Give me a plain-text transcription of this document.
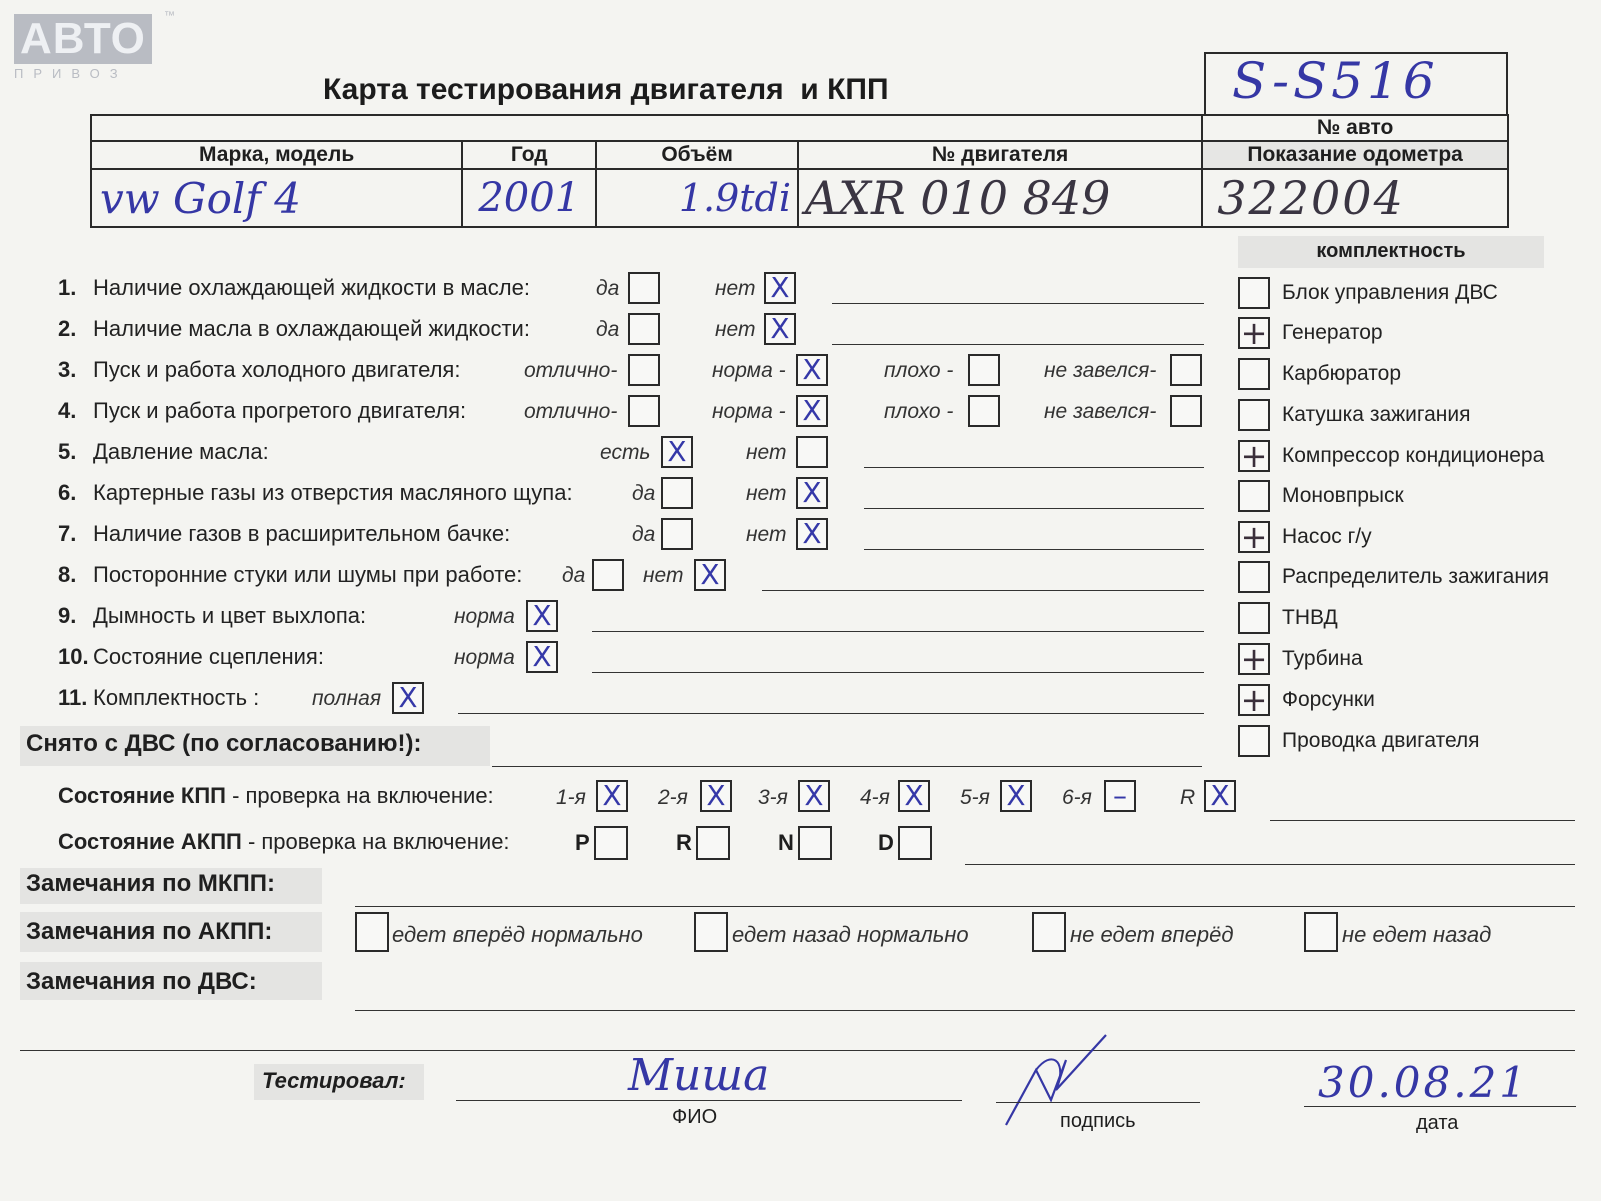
АВТО
ПРИВОЗ
™
Карта тестирования двигателя  и КПП	S-S516

				№ авто

Марка, модель	Год	Объём	№ двигателя	Показание одометра

vw Golf 4	2001	1.9tdi	AXR 010 849	322004
комплектность
Блок управления ДВС
+ Генератор
Карбюратор
Катушка зажигания
+ Компрессор кондиционера
Моновпрыск
+ Насос г/у
Распределитель зажигания
ТНВД
+ Турбина
+ Форсунки
Проводка двигателя
1. Наличие охлаждающей жидкости в масле:	да	нет X
2. Наличие масла в охлаждающей жидкости:	да	нет X
3. Пуск и работа холодного двигателя:	отлично-	норма - X	плохо -	не завелся-
4. Пуск и работа прогретого двигателя:	отлично-	норма - X	плохо -	не завелся-
5. Давление масла:	есть X	нет
6. Картерные газы из отверстия масляного щупа:	да	нет X
7. Наличие газов в расширительном бачке:	да	нет X
8. Посторонние стуки или шумы при работе: да	нет X
9. Дымность и цвет выхлопа:	норма X
10. Состояние сцепления:	норма X
11. Комплектность :	полная X
Снято с ДВС (по согласованию!):
Состояние КПП - проверка на включение:	1-я X 2-я X 3-я X 4-я X 5-я X 6-я –	R X
Состояние АКПП - проверка на включение:	P	R	N	D
Замечания по МКПП:
Замечания по АКПП:	едет вперёд нормально	едет назад нормально	не едет вперёд	не едет назад
Замечания по ДВС:
Тестировал:	Миша
ФИО	подпись
30.08.21
дата
